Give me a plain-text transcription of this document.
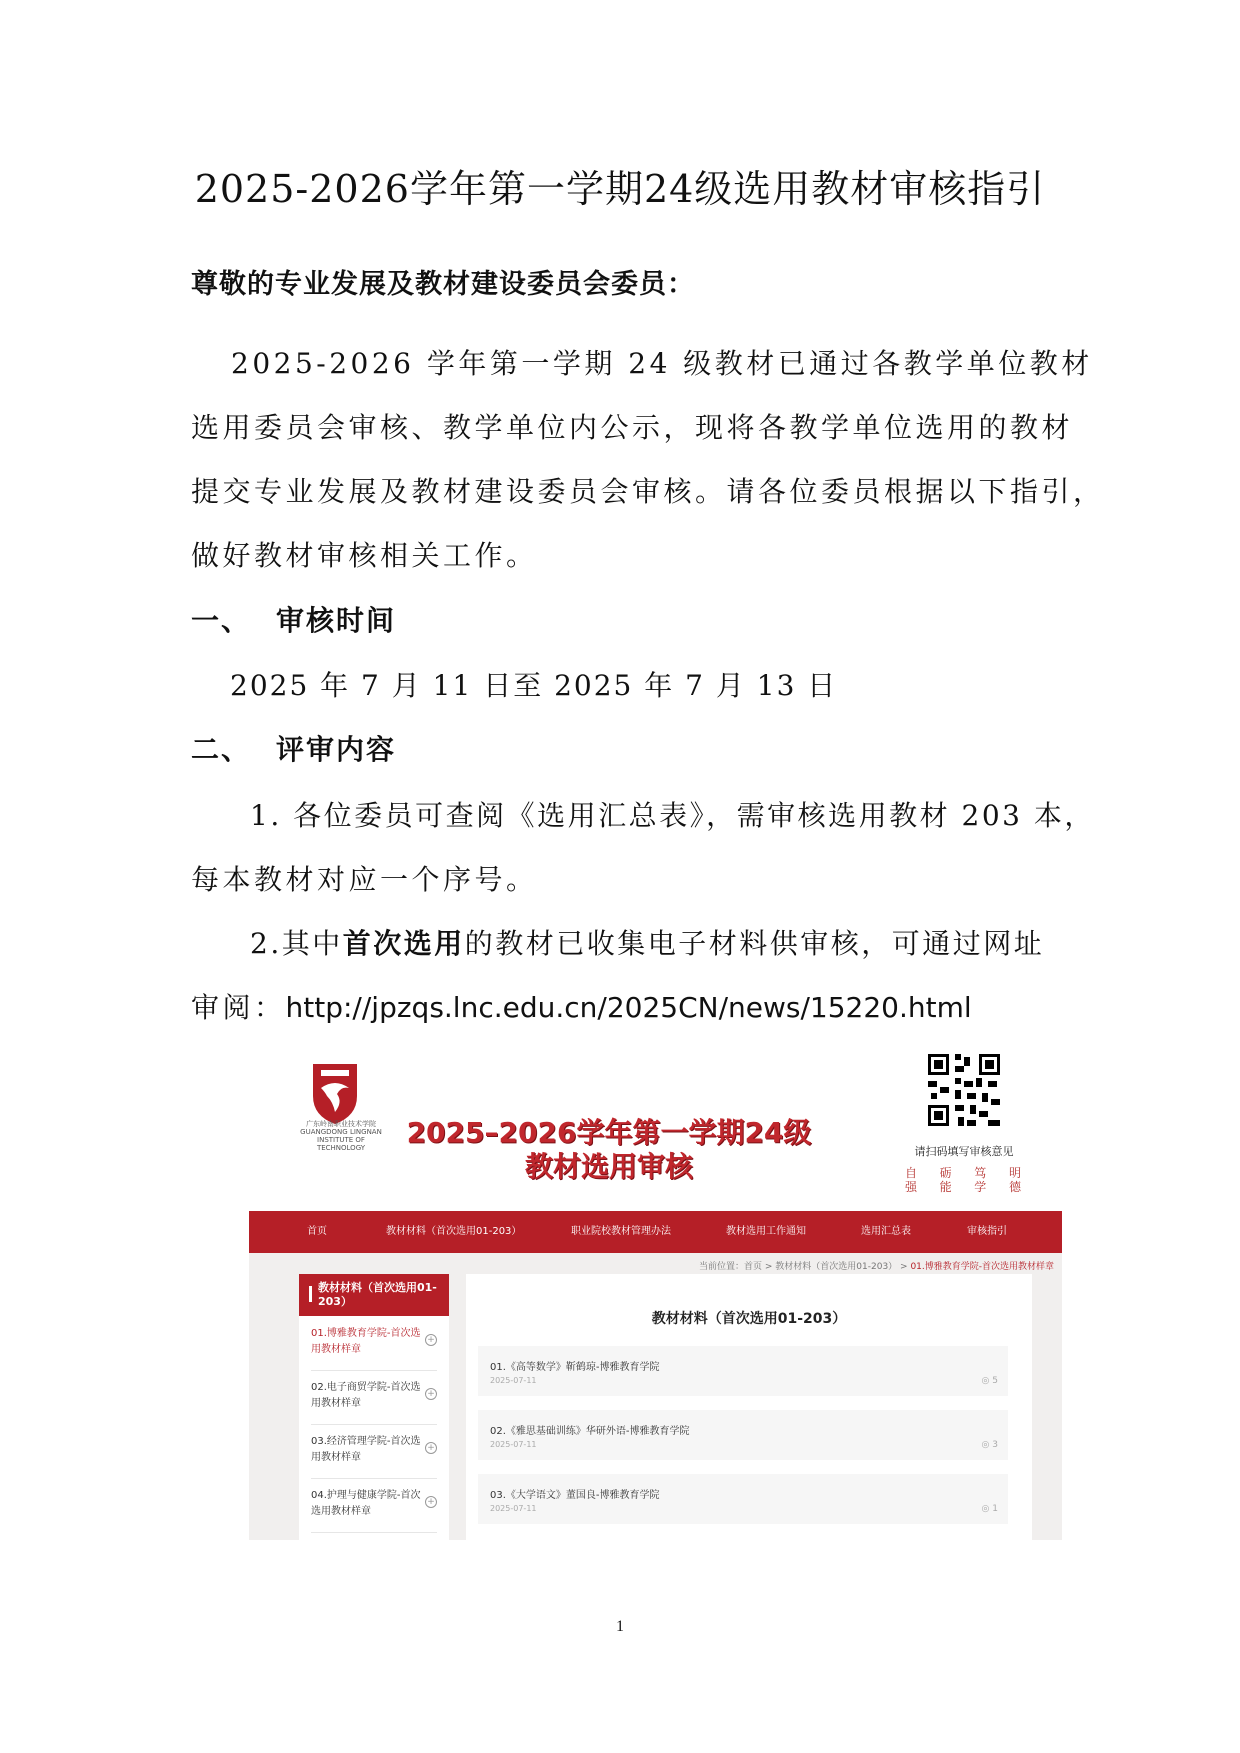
2025-2026学年第一学期24级选用教材审核指引
尊敬的专业发展及教材建设委员会委员：
2025-2026 学年第一学期 24 级教材已通过各教学单位教材
选用委员会审核、教学单位内公示，现将各教学单位选用的教材
提交专业发展及教材建设委员会审核。请各位委员根据以下指引，
做好教材审核相关工作。
一、 审核时间
2025 年 7 月 11 日至 2025 年 7 月 13 日
二、 评审内容
1. 各位委员可查阅《选用汇总表》，需审核选用教材 203 本，
每本教材对应一个序号。
2.其中首次选用的教材已收集电子材料供审核，可通过网址
审阅：http://jpzqs.lnc.edu.cn/2025CN/news/15220.html
广东岭南职业技术学院 GUANGDONG LINGNAN INSTITUTE OF TECHNOLOGY	2025–2026学年第一学期24级
教材选用审核	请扫码填写审核意见
自强
砺能
笃学
明德
首页	教材材料（首次选用01-203）	职业院校教材管理办法	教材选用工作通知	选用汇总表	审核指引
当前位置：首页 > 教材材料（首次选用01-203） > 01.博雅教育学院-首次选用教材样章
教材材料（首次选用01-203）
01.博雅教育学院-首次选用教材样章
+
02.电子商贸学院-首次选用教材样章
+
03.经济管理学院-首次选用教材样章
+
04.护理与健康学院-首次选用教材样章
+
教材材料（首次选用01-203）
01.《高等数学》靳鹤琼-博雅教育学院
2025-07-11	◎ 5
02.《雅思基础训练》华研外语-博雅教育学院
2025-07-11	◎ 3
03.《大学语文》董国良-博雅教育学院
2025-07-11	◎ 1
1
